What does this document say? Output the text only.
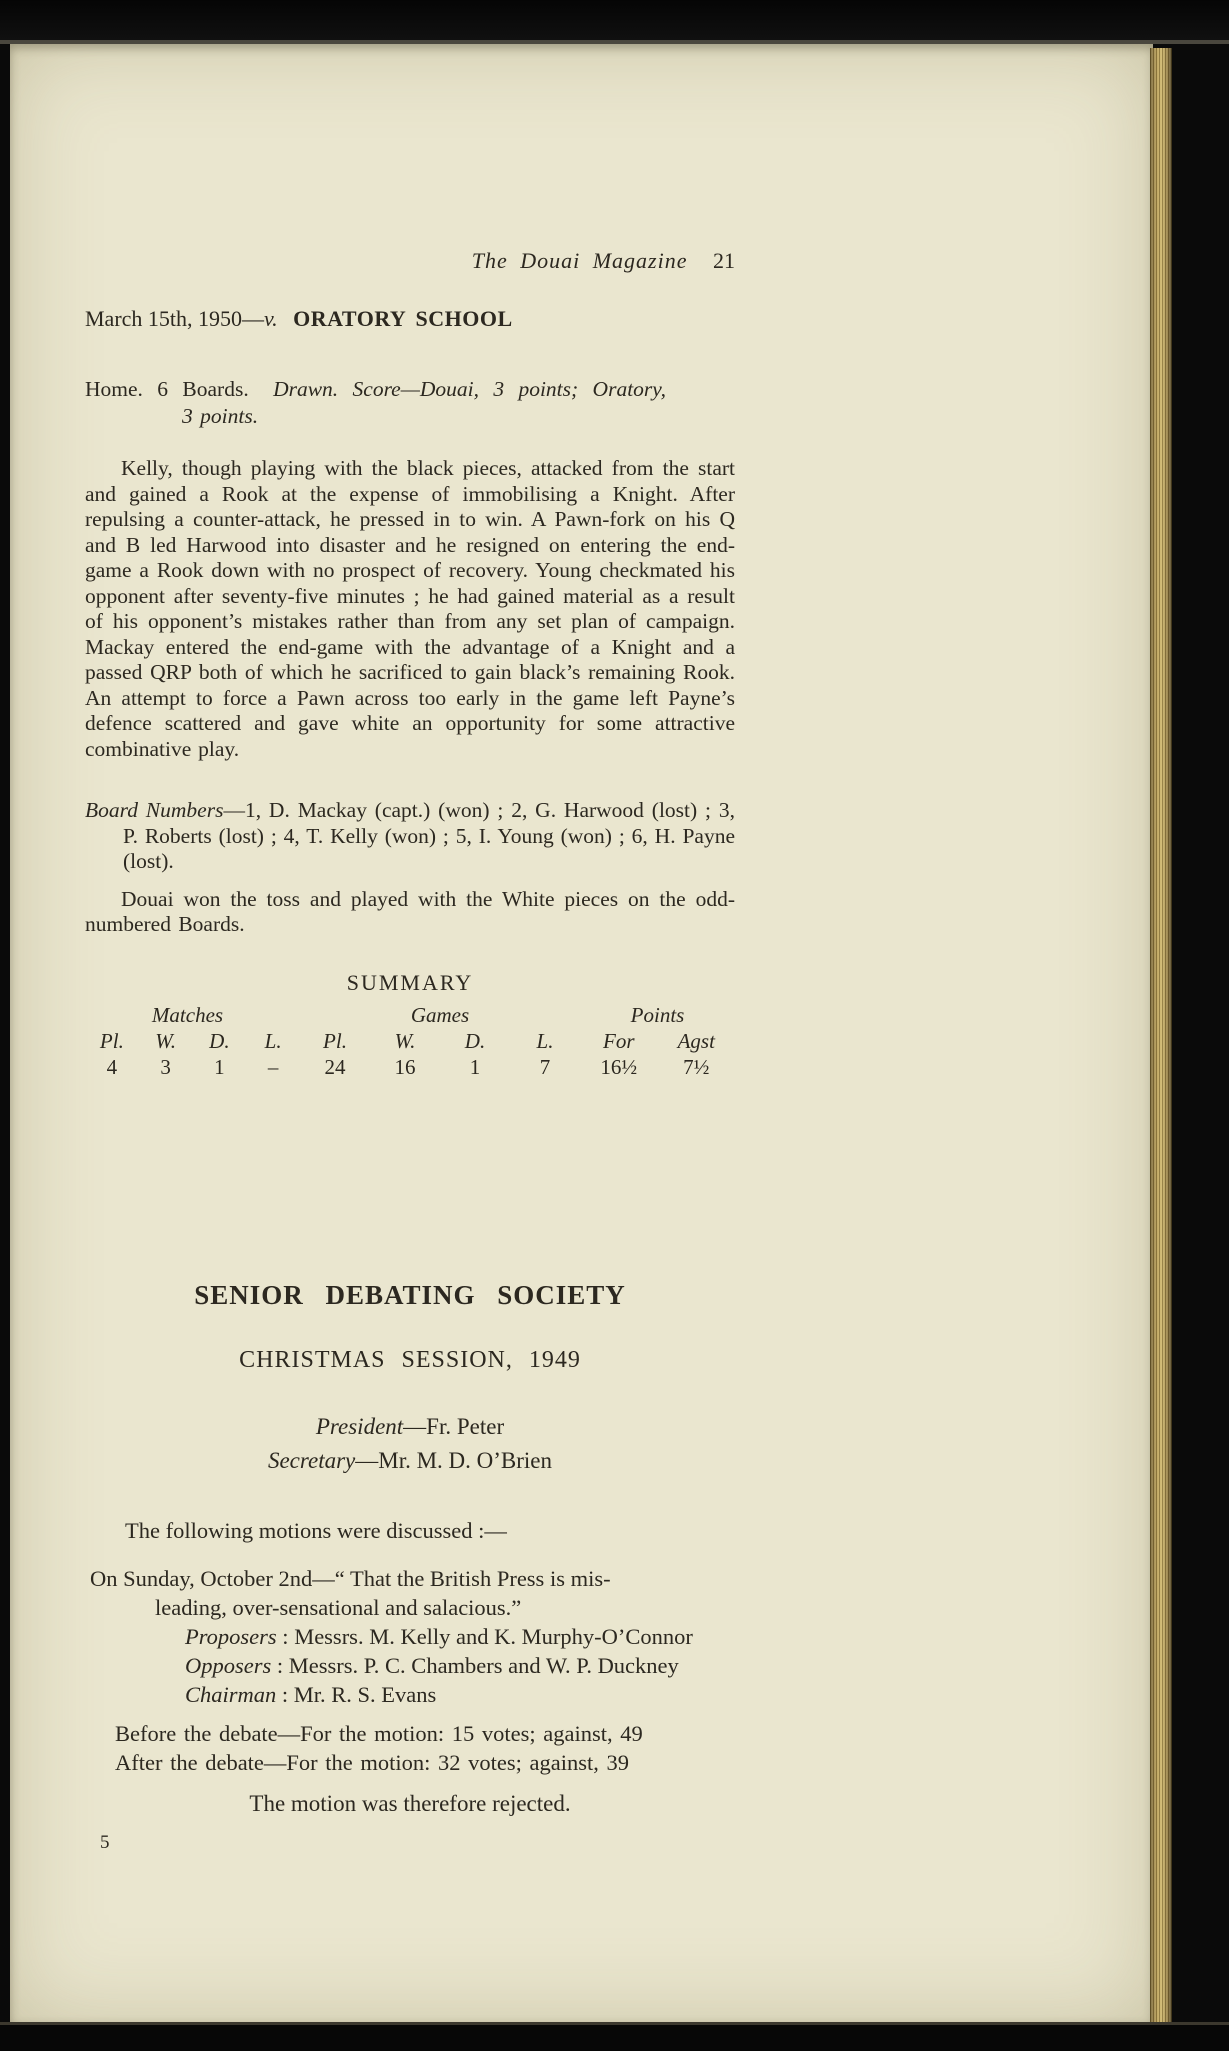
The Douai Magazine 21
March 15th, 1950—v. ORATORY SCHOOL
Home. 6 Boards. Drawn. Score—Douai, 3 points; Oratory,
3 points.

Kelly, though playing with the black pieces, attacked from the start and gained a Rook at the expense of immobilising a Knight. After repulsing a counter-attack, he pressed in to win. A Pawn-fork on his Q and B led Harwood into disaster and he resigned on entering the end-game a Rook down with no prospect of recovery. Young checkmated his opponent after seventy-five minutes ; he had gained material as a result of his opponent’s mistakes rather than from any set plan of campaign. Mackay entered the end-game with the advantage of a Knight and a passed QRP both of which he sacrificed to gain black’s remaining Rook. An attempt to force a Pawn across too early in the game left Payne’s defence scattered and gave white an opportunity for some attractive combinative play.

Board Numbers—1, D. Mackay (capt.) (won) ; 2, G. Harwood (lost) ; 3, P. Roberts (lost) ; 4, T. Kelly (won) ; 5, I. Young (won) ; 6, H. Payne (lost).

Douai won the toss and played with the White pieces on the odd-numbered Boards.

SUMMARY
Matches
Pl.	W.	D.	L.
4	3	1	–
Games
Pl.	W.	D.	L.
24	16	1	7
Points
For	Agst
16½	7½
SENIOR DEBATING SOCIETY
CHRISTMAS SESSION, 1949
President—Fr. Peter
Secretary—Mr. M. D. O’Brien

The following motions were discussed :—

On Sunday, October 2nd—“ That the British Press is mis-
leading, over-sensational and salacious.”
Proposers : Messrs. M. Kelly and K. Murphy-O’Connor
Opposers : Messrs. P. C. Chambers and W. P. Duckney
Chairman : Mr. R. S. Evans
Before the debate—For the motion: 15 votes; against, 49
After the debate—For the motion: 32 votes; against, 39

The motion was therefore rejected.

5
